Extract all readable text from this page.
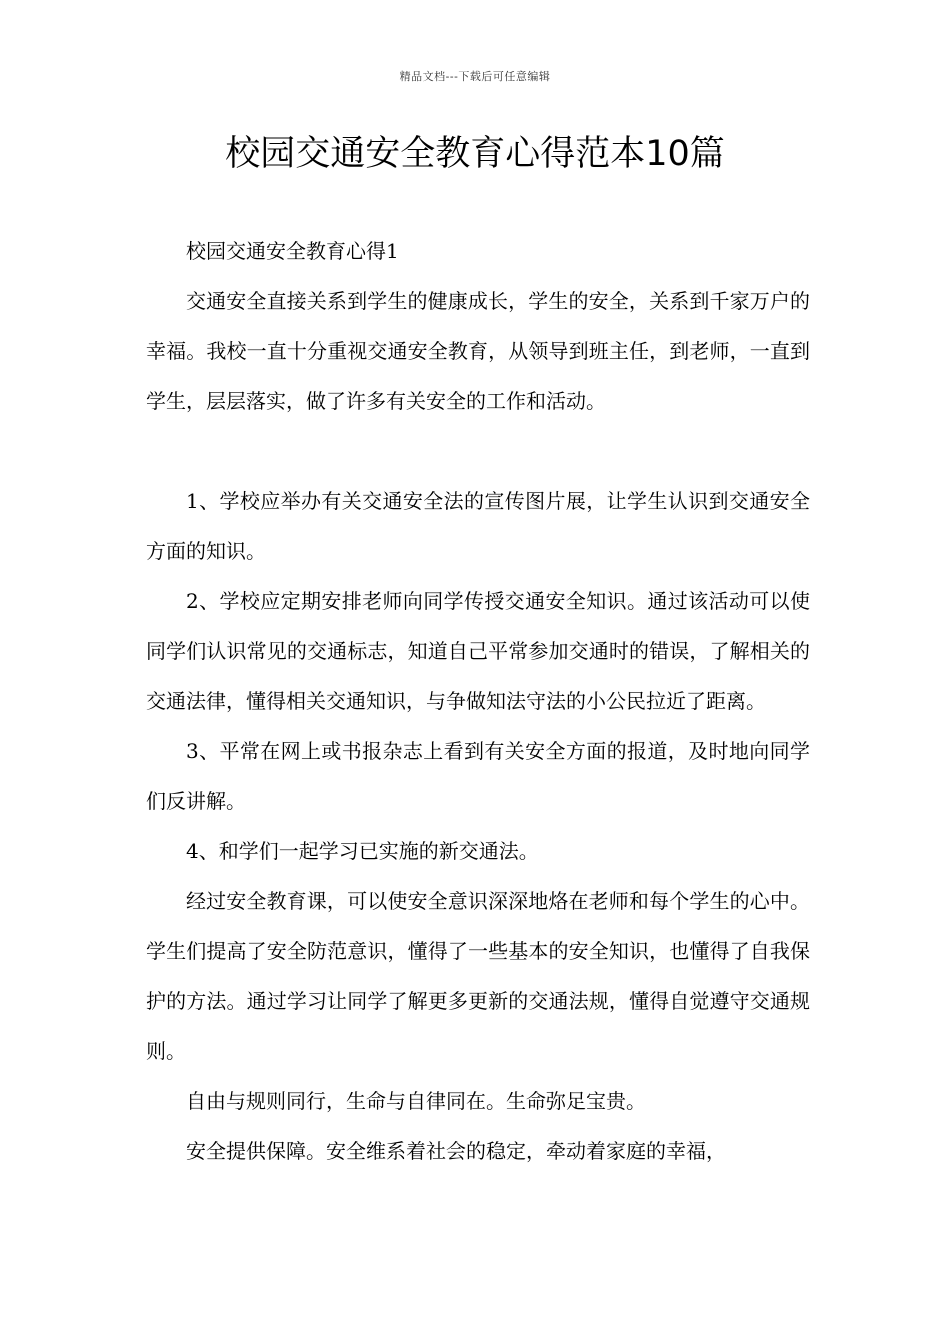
精品文档---下载后可任意编辑
校园交通安全教育心得范本10篇

校园交通安全教育心得1

交通安全直接关系到学生的健康成长，学生的安全，关系到千家万户的幸福。我校一直十分重视交通安全教育，从领导到班主任，到老师，一直到学生，层层落实，做了许多有关安全的工作和活动。

1、学校应举办有关交通安全法的宣传图片展，让学生认识到交通安全方面的知识。

2、学校应定期安排老师向同学传授交通安全知识。通过该活动可以使同学们认识常见的交通标志，知道自己平常参加交通时的错误，了解相关的交通法律，懂得相关交通知识，与争做知法守法的小公民拉近了距离。

3、平常在网上或书报杂志上看到有关安全方面的报道，及时地向同学们反讲解。

4、和学们一起学习已实施的新交通法。

经过安全教育课，可以使安全意识深深地烙在老师和每个学生的心中。学生们提高了安全防范意识，懂得了一些基本的安全知识，也懂得了自我保护的方法。通过学习让同学了解更多更新的交通法规，懂得自觉遵守交通规则。

自由与规则同行，生命与自律同在。生命弥足宝贵。

安全提供保障。安全维系着社会的稳定，牵动着家庭的幸福，
